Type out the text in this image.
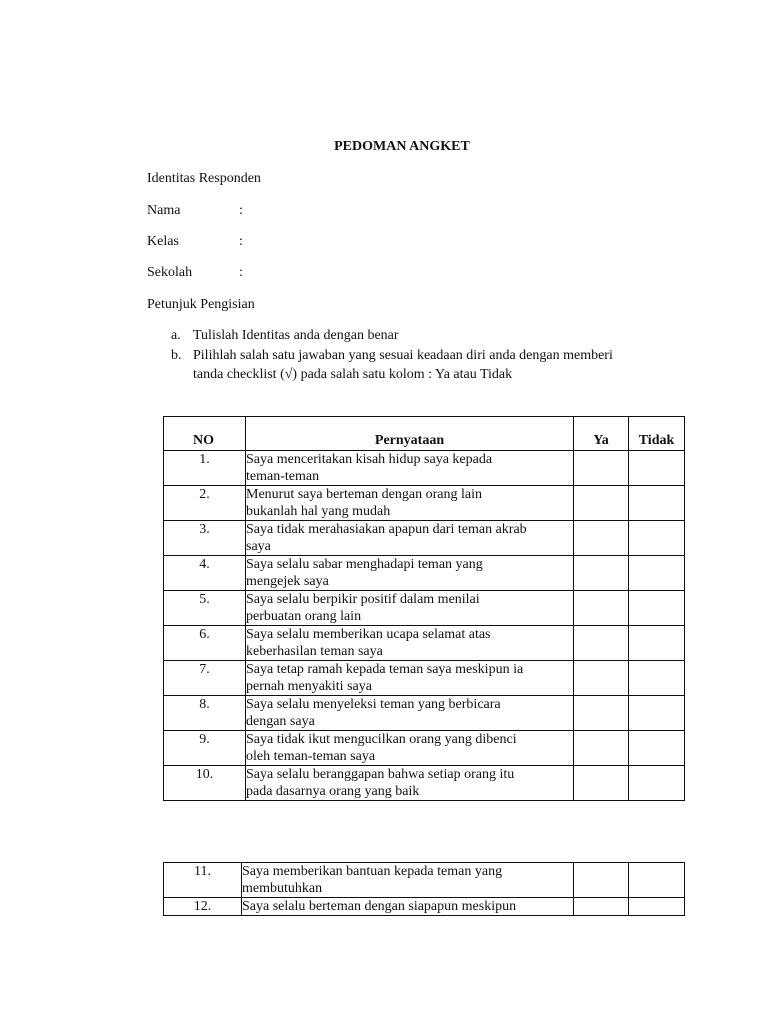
PEDOMAN ANGKET
Identitas Responden
Nama	:
Kelas	:
Sekolah	:
Petunjuk Pengisian
a. Tulislah Identitas anda dengan benar
b. Pilihlah salah satu jawaban yang sesuai keadaan diri anda dengan memberi
tanda checklist (√) pada salah satu kolom : Ya atau Tidak
NO	Pernyataan	Ya	Tidak
1.	Saya menceritakan kisah hidup saya kepada
teman-teman		

2.	Menurut saya berteman dengan orang lain
bukanlah hal yang mudah		

3.	Saya tidak merahasiakan apapun dari teman akrab
saya		

4.	Saya selalu sabar menghadapi teman yang
mengejek saya		

5.	Saya selalu berpikir positif dalam menilai
perbuatan orang lain		

6.	Saya selalu memberikan ucapa selamat atas
keberhasilan teman saya		

7.	Saya tetap ramah kepada teman saya meskipun ia
pernah menyakiti saya		

8.	Saya selalu menyeleksi teman yang berbicara
dengan saya		

9.	Saya tidak ikut mengucilkan orang yang dibenci
oleh teman-teman saya		

10.	Saya selalu beranggapan bahwa setiap orang itu
pada dasarnya orang yang baik		

11.	Saya memberikan bantuan kepada teman yang
membutuhkan		

12.	Saya selalu berteman dengan siapapun meskipun		
